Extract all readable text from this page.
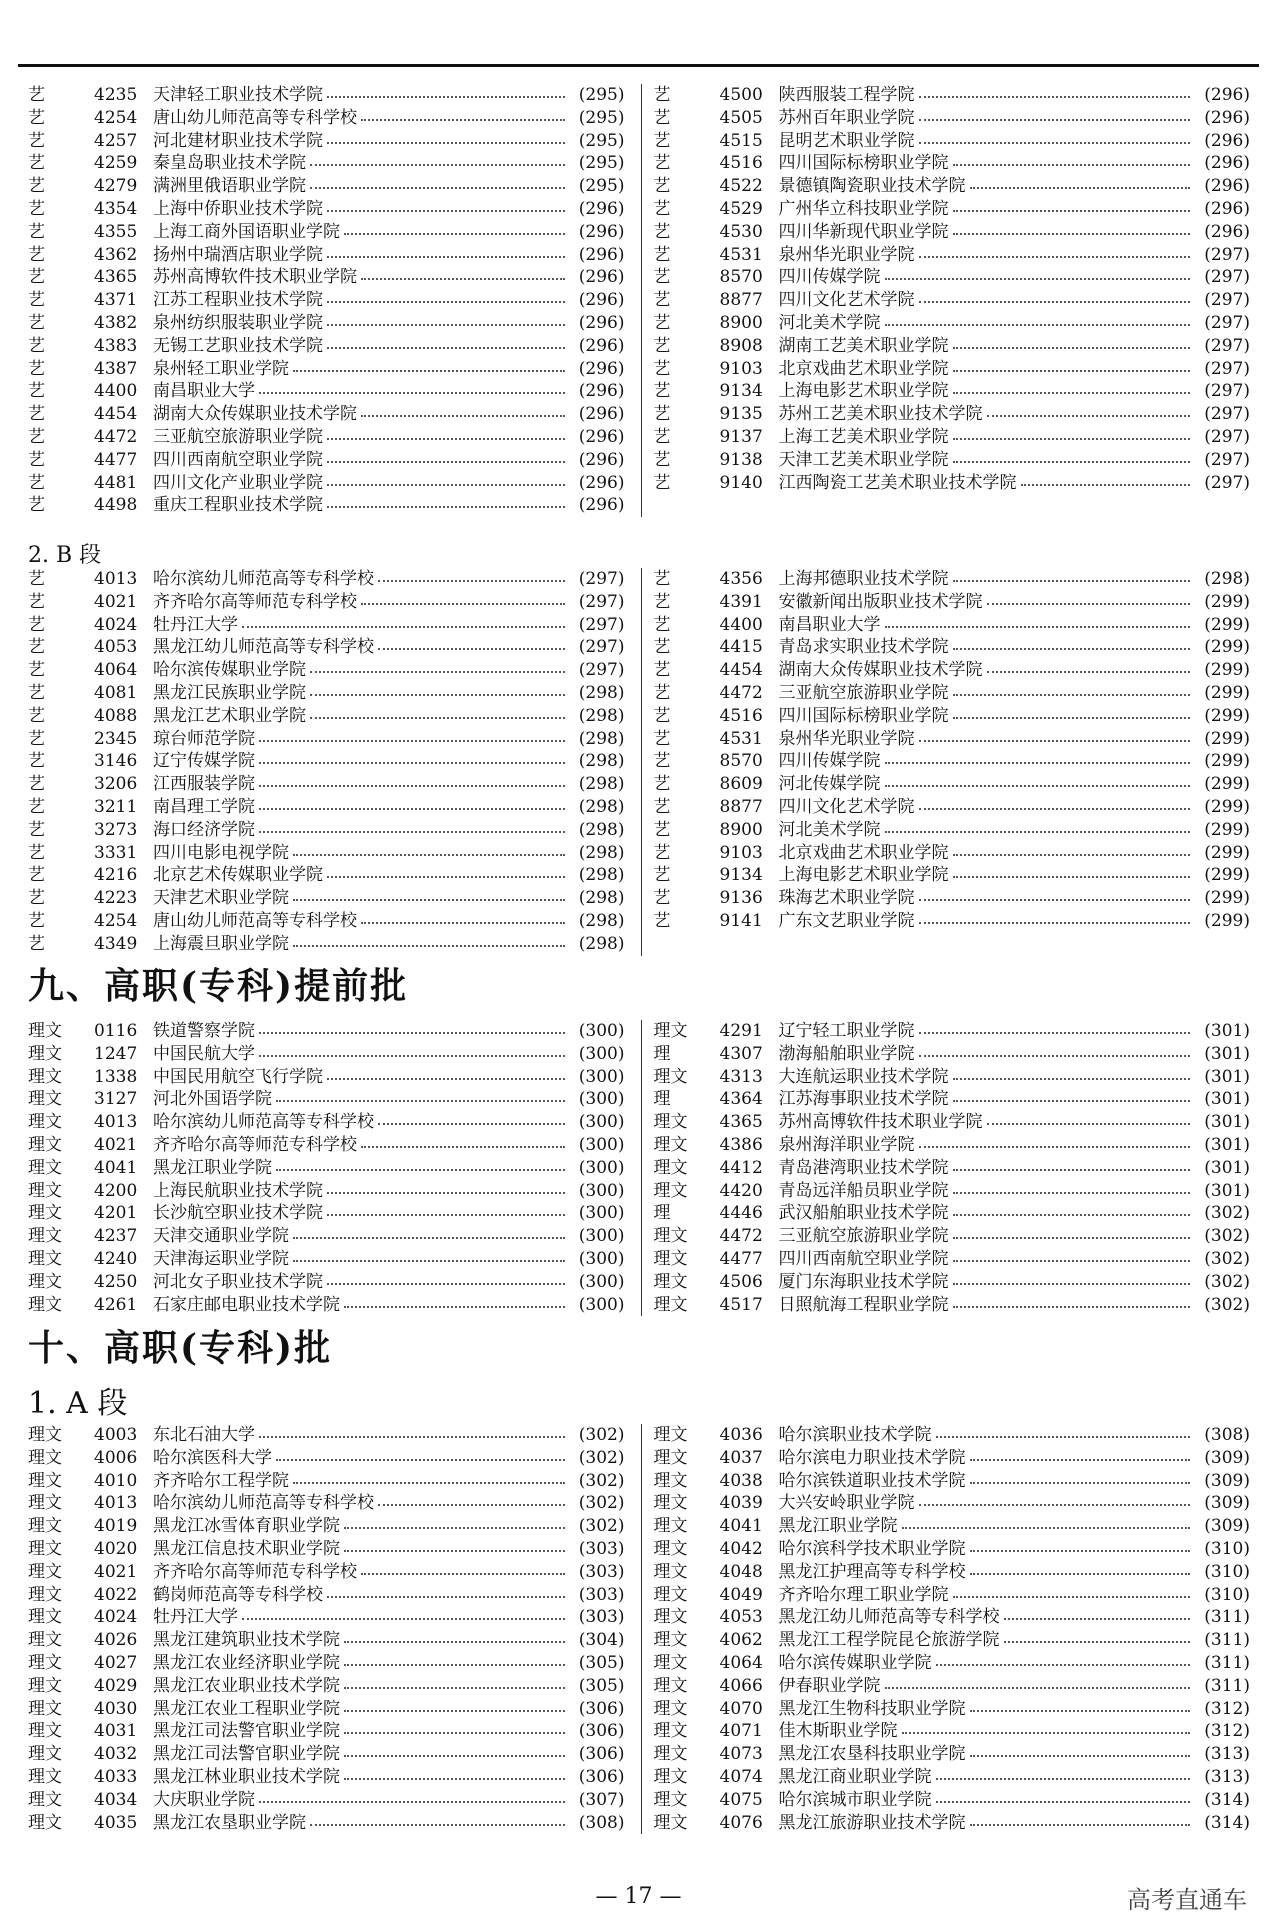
艺	4235 天津轻工职业技术学院	(295)
艺	4254 唐山幼儿师范高等专科学校	(295)
艺	4257 河北建材职业技术学院	(295)
艺	4259 秦皇岛职业技术学院	(295)
艺	4279 满洲里俄语职业学院	(295)
艺	4354 上海中侨职业技术学院	(296)
艺	4355 上海工商外国语职业学院	(296)
艺	4362 扬州中瑞酒店职业学院	(296)
艺	4365 苏州高博软件技术职业学院	(296)
艺	4371 江苏工程职业技术学院	(296)
艺	4382 泉州纺织服装职业学院	(296)
艺	4383 无锡工艺职业技术学院	(296)
艺	4387 泉州轻工职业学院	(296)
艺	4400 南昌职业大学	(296)
艺	4454 湖南大众传媒职业技术学院	(296)
艺	4472 三亚航空旅游职业学院	(296)
艺	4477 四川西南航空职业学院	(296)
艺	4481 四川文化产业职业学院	(296)
艺	4498 重庆工程职业技术学院	(296)
艺	4500 陕西服装工程学院	(296)
艺	4505 苏州百年职业学院	(296)
艺	4515 昆明艺术职业学院	(296)
艺	4516 四川国际标榜职业学院	(296)
艺	4522 景德镇陶瓷职业技术学院	(296)
艺	4529 广州华立科技职业学院	(296)
艺	4530 四川华新现代职业学院	(296)
艺	4531 泉州华光职业学院	(297)
艺	8570 四川传媒学院	(297)
艺	8877 四川文化艺术学院	(297)
艺	8900 河北美术学院	(297)
艺	8908 湖南工艺美术职业学院	(297)
艺	9103 北京戏曲艺术职业学院	(297)
艺	9134 上海电影艺术职业学院	(297)
艺	9135 苏州工艺美术职业技术学院	(297)
艺	9137 上海工艺美术职业学院	(297)
艺	9138 天津工艺美术职业学院	(297)
艺	9140 江西陶瓷工艺美术职业技术学院	(297)
2. B 段
艺	4013 哈尔滨幼儿师范高等专科学校	(297)
艺	4021 齐齐哈尔高等师范专科学校	(297)
艺	4024 牡丹江大学	(297)
艺	4053 黑龙江幼儿师范高等专科学校	(297)
艺	4064 哈尔滨传媒职业学院	(297)
艺	4081 黑龙江民族职业学院	(298)
艺	4088 黑龙江艺术职业学院	(298)
艺	2345 琼台师范学院	(298)
艺	3146 辽宁传媒学院	(298)
艺	3206 江西服装学院	(298)
艺	3211 南昌理工学院	(298)
艺	3273 海口经济学院	(298)
艺	3331 四川电影电视学院	(298)
艺	4216 北京艺术传媒职业学院	(298)
艺	4223 天津艺术职业学院	(298)
艺	4254 唐山幼儿师范高等专科学校	(298)
艺	4349 上海震旦职业学院	(298)
艺	4356 上海邦德职业技术学院	(298)
艺	4391 安徽新闻出版职业技术学院	(299)
艺	4400 南昌职业大学	(299)
艺	4415 青岛求实职业技术学院	(299)
艺	4454 湖南大众传媒职业技术学院	(299)
艺	4472 三亚航空旅游职业学院	(299)
艺	4516 四川国际标榜职业学院	(299)
艺	4531 泉州华光职业学院	(299)
艺	8570 四川传媒学院	(299)
艺	8609 河北传媒学院	(299)
艺	8877 四川文化艺术学院	(299)
艺	8900 河北美术学院	(299)
艺	9103 北京戏曲艺术职业学院	(299)
艺	9134 上海电影艺术职业学院	(299)
艺	9136 珠海艺术职业学院	(299)
艺	9141 广东文艺职业学院	(299)
九、高职(专科)提前批
理文	0116 铁道警察学院	(300)
理文	1247 中国民航大学	(300)
理文	1338 中国民用航空飞行学院	(300)
理文	3127 河北外国语学院	(300)
理文	4013 哈尔滨幼儿师范高等专科学校	(300)
理文	4021 齐齐哈尔高等师范专科学校	(300)
理文	4041 黑龙江职业学院	(300)
理文	4200 上海民航职业技术学院	(300)
理文	4201 长沙航空职业技术学院	(300)
理文	4237 天津交通职业学院	(300)
理文	4240 天津海运职业学院	(300)
理文	4250 河北女子职业技术学院	(300)
理文	4261 石家庄邮电职业技术学院	(300)
理文	4291 辽宁轻工职业学院	(301)
理	4307 渤海船舶职业学院	(301)
理文	4313 大连航运职业技术学院	(301)
理	4364 江苏海事职业技术学院	(301)
理文	4365 苏州高博软件技术职业学院	(301)
理文	4386 泉州海洋职业学院	(301)
理文	4412 青岛港湾职业技术学院	(301)
理文	4420 青岛远洋船员职业学院	(301)
理	4446 武汉船舶职业技术学院	(302)
理文	4472 三亚航空旅游职业学院	(302)
理文	4477 四川西南航空职业学院	(302)
理文	4506 厦门东海职业技术学院	(302)
理文	4517 日照航海工程职业学院	(302)
十、高职(专科)批
1. A 段
理文	4003 东北石油大学	(302)
理文	4006 哈尔滨医科大学	(302)
理文	4010 齐齐哈尔工程学院	(302)
理文	4013 哈尔滨幼儿师范高等专科学校	(302)
理文	4019 黑龙江冰雪体育职业学院	(302)
理文	4020 黑龙江信息技术职业学院	(303)
理文	4021 齐齐哈尔高等师范专科学校	(303)
理文	4022 鹤岗师范高等专科学校	(303)
理文	4024 牡丹江大学	(303)
理文	4026 黑龙江建筑职业技术学院	(304)
理文	4027 黑龙江农业经济职业学院	(305)
理文	4029 黑龙江农业职业技术学院	(305)
理文	4030 黑龙江农业工程职业学院	(306)
理文	4031 黑龙江司法警官职业学院	(306)
理文	4032 黑龙江司法警官职业学院	(306)
理文	4033 黑龙江林业职业技术学院	(306)
理文	4034 大庆职业学院	(307)
理文	4035 黑龙江农垦职业学院	(308)
理文	4036 哈尔滨职业技术学院	(308)
理文	4037 哈尔滨电力职业技术学院	(309)
理文	4038 哈尔滨铁道职业技术学院	(309)
理文	4039 大兴安岭职业学院	(309)
理文	4041 黑龙江职业学院	(309)
理文	4042 哈尔滨科学技术职业学院	(310)
理文	4048 黑龙江护理高等专科学校	(310)
理文	4049 齐齐哈尔理工职业学院	(310)
理文	4053 黑龙江幼儿师范高等专科学校	(311)
理文	4062 黑龙江工程学院昆仑旅游学院	(311)
理文	4064 哈尔滨传媒职业学院	(311)
理文	4066 伊春职业学院	(311)
理文	4070 黑龙江生物科技职业学院	(312)
理文	4071 佳木斯职业学院	(312)
理文	4073 黑龙江农垦科技职业学院	(313)
理文	4074 黑龙江商业职业学院	(313)
理文	4075 哈尔滨城市职业学院	(314)
理文	4076 黑龙江旅游职业技术学院	(314)
— 17 —	高考直通车
